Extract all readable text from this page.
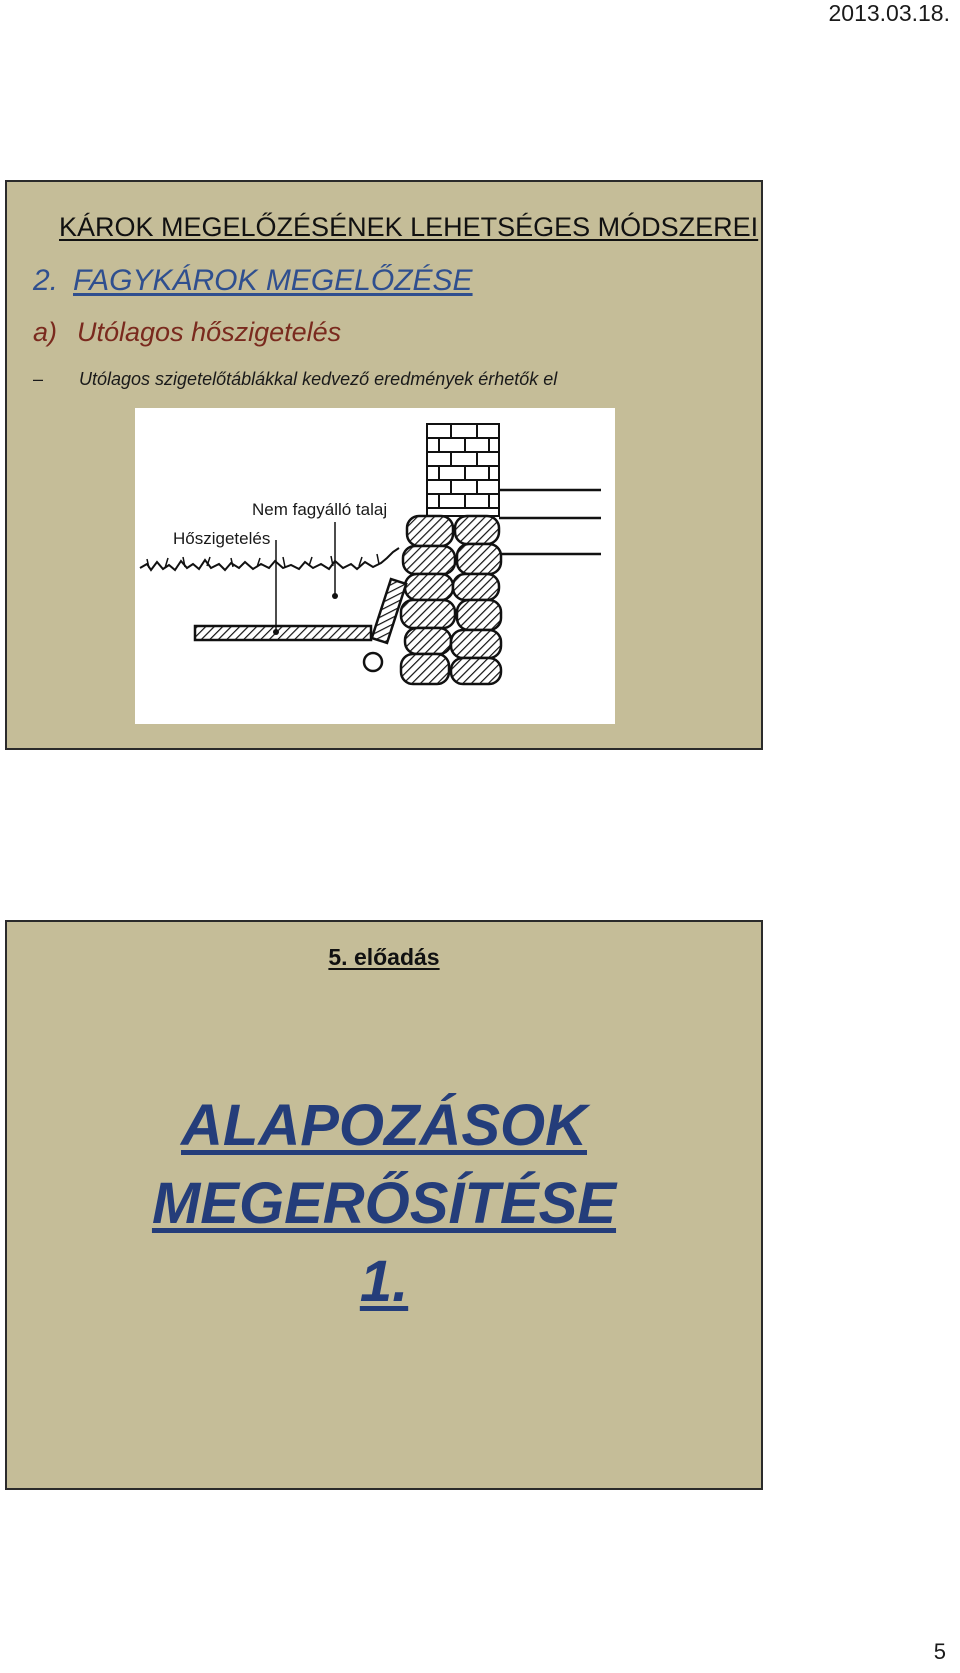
2013.03.18.
KÁROK MEGELŐZÉSÉNEK LEHETSÉGES MÓDSZEREI
2. FAGYKÁROK MEGELŐZÉSE
a) Utólagos hőszigetelés
– Utólagos szigetelőtáblákkal kedvező eredmények érhetők el
Nem fagyálló talaj
Hőszigetelés
5. előadás
ALAPOZÁSOK
MEGERŐSÍTÉSE
1.
5
